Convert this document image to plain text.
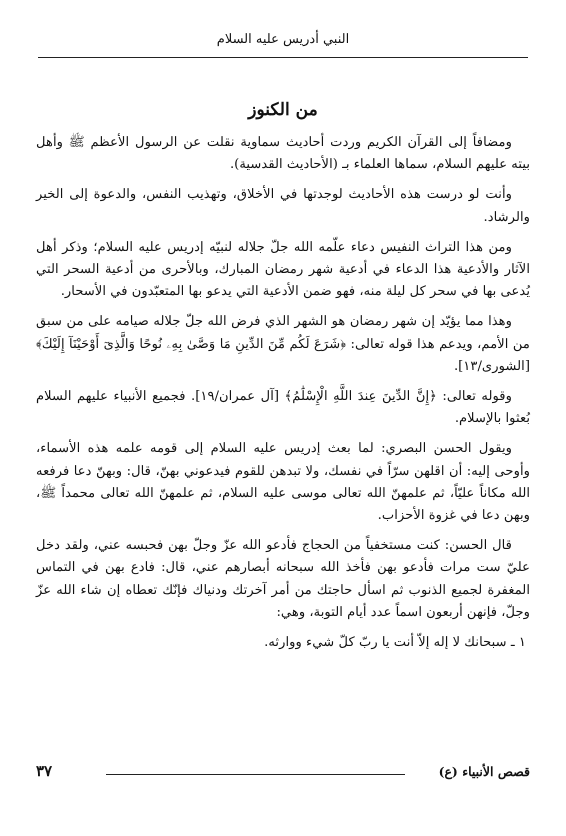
النبي أدريس عليه السلام
من الكنوز

ومضافاً إلى القرآن الكريم وردت أحاديث سماوية نقلت عن الرسول الأعظم ﷺ وأهل بيته عليهم السلام، سماها العلماء بـ (الأحاديث القدسية).

وأنت لو درست هذه الأحاديث لوجدتها في الأخلاق، وتهذيب النفس، والدعوة إلى الخير والرشاد.

ومن هذا التراث النفيس دعاء علّمه الله جلّ جلاله لنبيّه إدريس عليه السلام؛ وذكر أهل الآثار والأدعية هذا الدعاء في أدعية شهر رمضان المبارك، وبالأحرى من أدعية السحر التي يُدعى بها في سحر كل ليلة منه، فهو ضمن الأدعية التي يدعو بها المتعبّدون في الأسحار.

وهذا مما يؤيّد إن شهر رمضان هو الشهر الذي فرض الله جلّ جلاله صيامه على من سبق من الأمم، ويدعم هذا قوله تعالى: ﴿شَرَعَ لَكُم مِّنَ الدِّينِ مَا وَصَّىٰ بِهِۦ نُوحًا وَالَّذِىٓ أَوْحَيْنَآ إِلَيْكَ﴾ [الشورى/١٣].

وقوله تعالى: ﴿إِنَّ الدِّينَ عِندَ اللَّهِ الْإِسْلَٰمُ﴾ [آل عمران/١٩]. فجميع الأنبياء عليهم السلام بُعثوا بالإسلام.

ويقول الحسن البصري: لما بعث إدريس عليه السلام إلى قومه علمه هذه الأسماء، وأوحى إليه: أن اقلهن سرّاً في نفسك، ولا تبدهن للقوم فيدعوني بهنّ، قال: وبهنّ دعا فرفعه الله مكاناً عليّاً، ثم علمهنّ الله تعالى موسى عليه السلام، ثم علمهنّ الله تعالى محمداً ﷺ، وبهن دعا في غزوة الأحزاب.

قال الحسن: كنت مستخفياً من الحجاج فأدعو الله عزّ وجلّ بهن فحبسه عني، ولقد دخل عليّ ست مرات فأدعو بهن فأخذ الله سبحانه أبصارهم عني، قال: فادع بهن في التماس المغفرة لجميع الذنوب ثم اسأل حاجتك من أمر آخرتك ودنياك فإنّك تعطاه إن شاء الله عزّ وجلّ، فإنهن أربعون اسماً عدد أيام التوبة، وهي:

١ ـ سبحانك لا إله إلاّ أنت يا ربّ كلّ شيء ووارثه.

قصص الأنبياء (ع)
٣٧
